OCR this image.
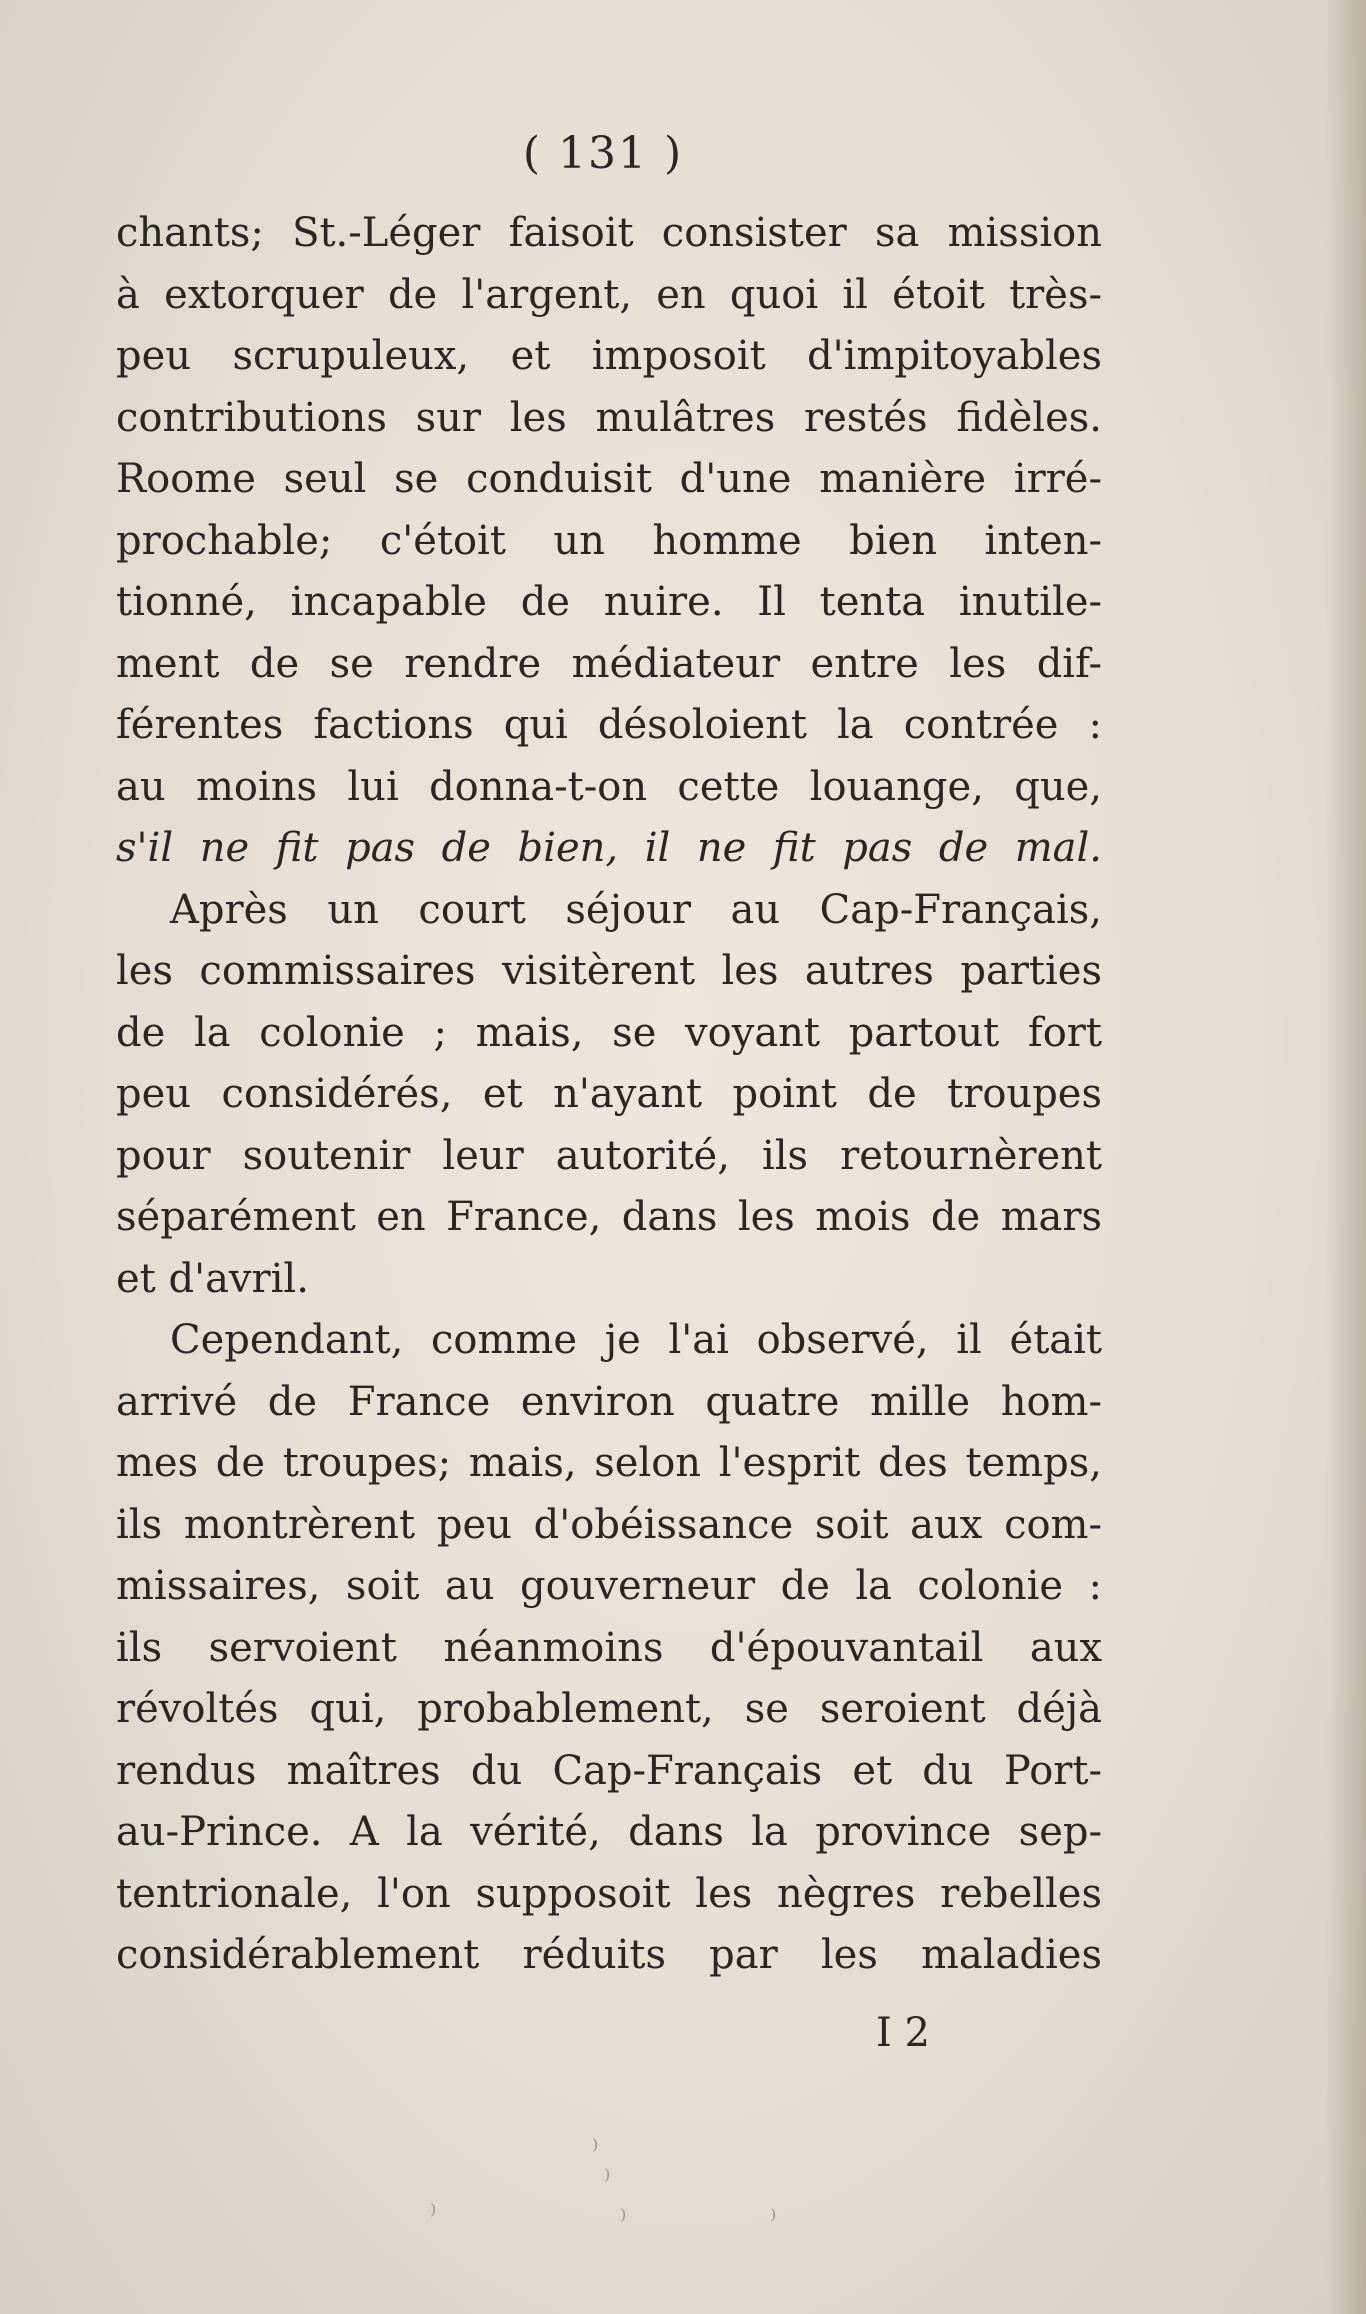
( 131 )
chants; St.-Léger faisoit consister sa mission
à extorquer de l'argent, en quoi il étoit très-
peu scrupuleux, et imposoit d'impitoyables
contributions sur les mulâtres restés fidèles.
Roome seul se conduisit d'une manière irré-
prochable; c'étoit un homme bien inten-
tionné, incapable de nuire. Il tenta inutile-
ment de se rendre médiateur entre les dif-
férentes factions qui désoloient la contrée :
au moins lui donna-t-on cette louange, que,
s'il ne fit pas de bien, il ne fit pas de mal.
Après un court séjour au Cap-Français,
les commissaires visitèrent les autres parties
de la colonie ; mais, se voyant partout fort
peu considérés, et n'ayant point de troupes
pour soutenir leur autorité, ils retournèrent
séparément en France, dans les mois de mars
et d'avril.
Cependant, comme je l'ai observé, il était
arrivé de France environ quatre mille hom-
mes de troupes; mais, selon l'esprit des temps,
ils montrèrent peu d'obéissance soit aux com-
missaires, soit au gouverneur de la colonie :
ils servoient néanmoins d'épouvantail aux
révoltés qui, probablement, se seroient déjà
rendus maîtres du Cap-Français et du Port-
au-Prince. A la vérité, dans la province sep-
tentrionale, l'on supposoit les nègres rebelles
considérablement réduits par les maladies
I 2
⁾
⁾
⁾	⁾	⁾
